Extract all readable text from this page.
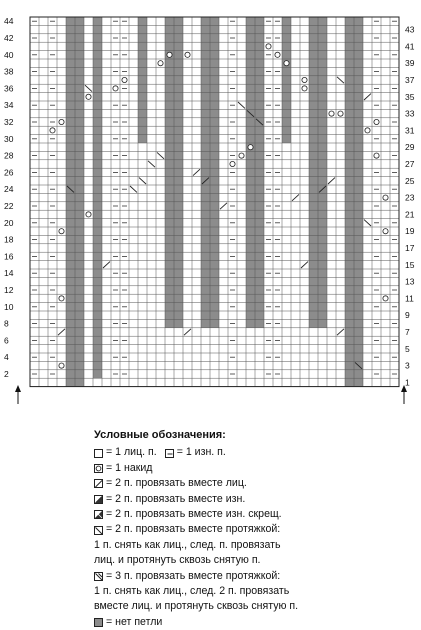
2
4
6
8
10
12
14
16
18
20
22
24
26
28
30
32
34
36
38
40
42
44
1
3
5
7
9
11
13
15
17
19
21
23
25
27
29
31
33
35
37
39
41
43
Условные обозначения:
= 1 лиц. п. = 1 изн. п.
= 1 накид
= 2 п. провязать вместе лиц.
= 2 п. провязать вместе изн.
= 2 п. провязать вместе изн. скрещ.
= 2 п. провязать вместе протяжкой:
1 п. снять как лиц., след. п. провязать
лиц. и протянуть сквозь снятую п.
= 3 п. провязать вместе протяжкой:
1 п. снять как лиц., след. 2 п. провязать
вместе лиц. и протянуть сквозь снятую п.
= нет петли
